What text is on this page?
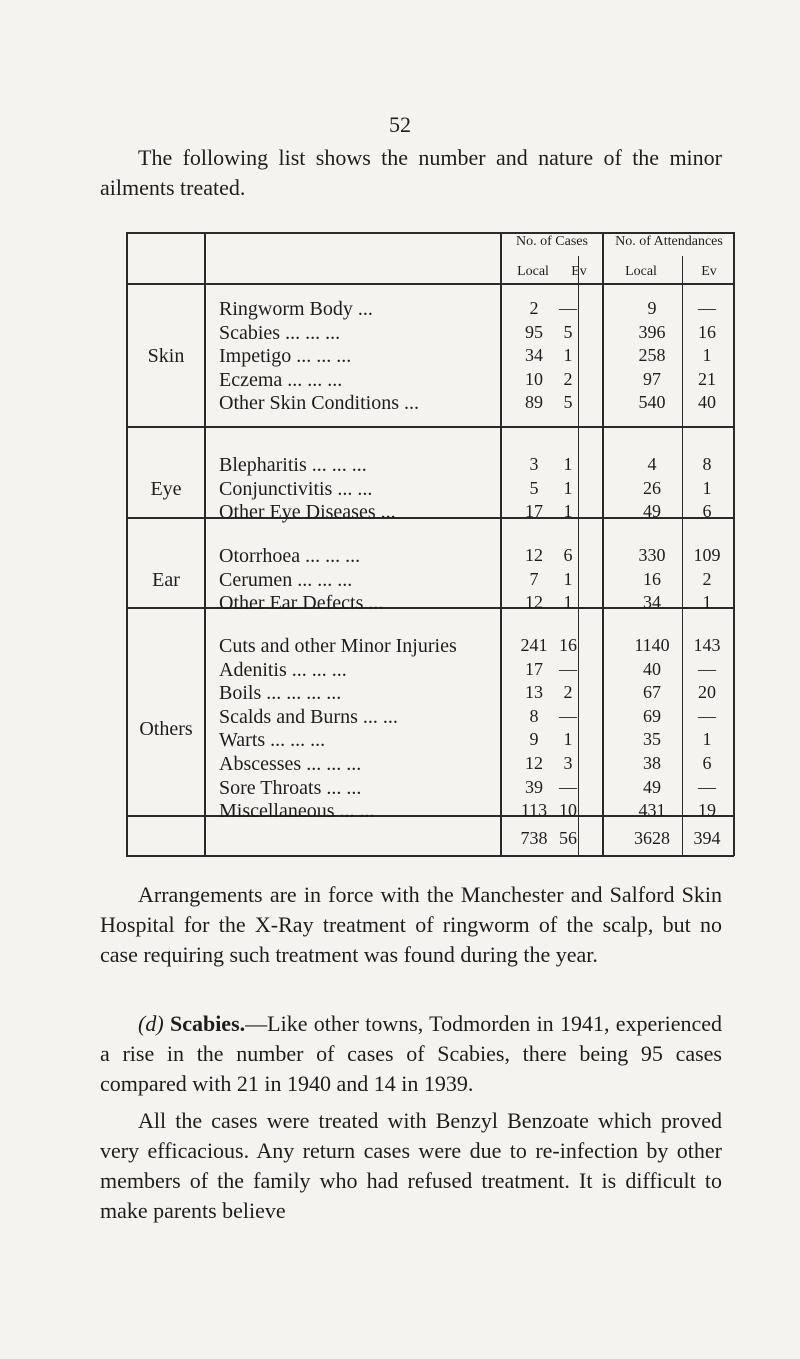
52
The following list shows the number and nature of the minor ailments treated.
No. of Cases	No. of Attendances
Local	Ev	Local	Ev
Skin
Ringworm Body ...	2	—	9	—
Scabies ... ... ...	95	5	396	16
Impetigo ... ... ...	34	1	258	1
Eczema ... ... ...	10	2	97	21
Other Skin Conditions ...	89	5	540	40
Eye
Blepharitis ... ... ...	3	1	4	8
Conjunctivitis ... ...	5	1	26	1
Other Eye Diseases ...	17	1	49	6
Ear
Otorrhoea ... ... ...	12	6	330	109
Cerumen ... ... ...	7	1	16	2
Other Ear Defects ...	12	1	34	1
Others
Cuts and other Minor Injuries	241 16	1140	143
Adenitis ... ... ...	17 —	40	—
Boils ... ... ... ...	13	2	67	20
Scalds and Burns ... ...	8	—	69	—
Warts ... ... ...	9	1	35	1
Abscesses ... ... ...	12	3	38	6
Sore Throats ... ...	39 —	49	—
Miscellaneous ... ...	113 10	431	19
738 56	3628	394
Arrangements are in force with the Manchester and Salford Skin Hospital for the X-Ray treatment of ringworm of the scalp, but no case requiring such treatment was found during the year.
(d) Scabies.—Like other towns, Todmorden in 1941, experienced a rise in the number of cases of Scabies, there being 95 cases compared with 21 in 1940 and 14 in 1939.
All the cases were treated with Benzyl Benzoate which proved very efficacious. Any return cases were due to re-infection by other members of the family who had refused treatment. It is difficult to make parents believe
